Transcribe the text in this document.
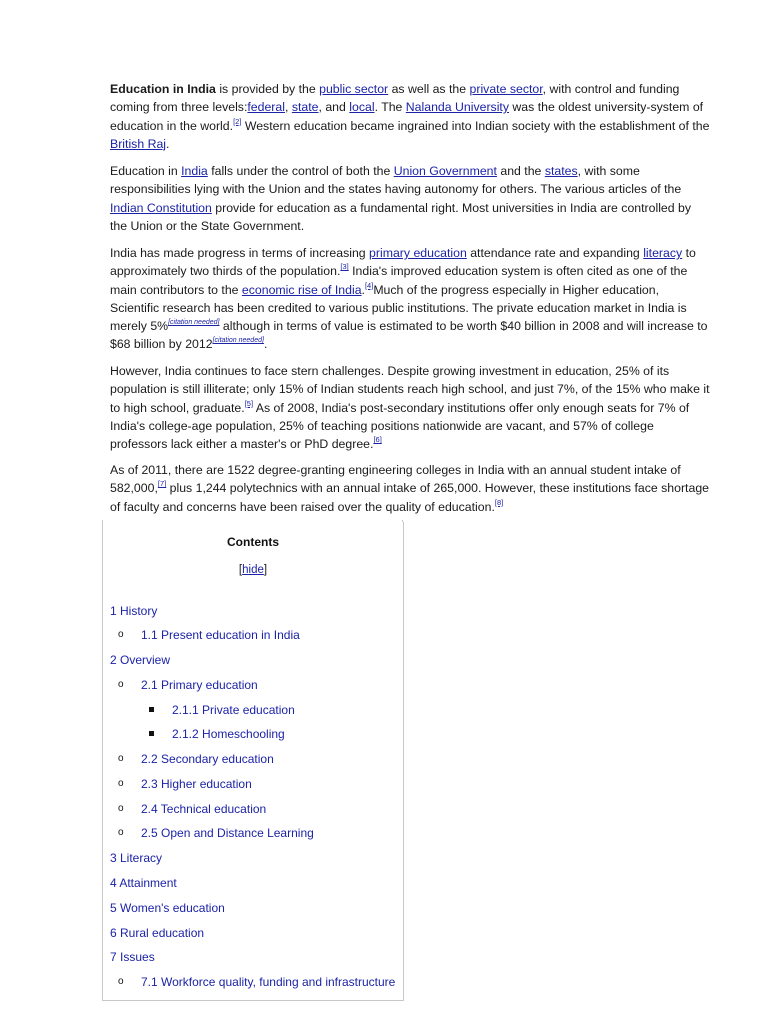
Education in India is provided by the public sector as well as the private sector, with control and funding coming from three levels:federal, state, and local. The Nalanda University was the oldest university-system of education in the world.[2] Western education became ingrained into Indian society with the establishment of the British Raj.

Education in India falls under the control of both the Union Government and the states, with some responsibilities lying with the Union and the states having autonomy for others. The various articles of the Indian Constitution provide for education as a fundamental right. Most universities in India are controlled by the Union or the State Government.

India has made progress in terms of increasing primary education attendance rate and expanding literacy to approximately two thirds of the population.[3] India's improved education system is often cited as one of the main contributors to the economic rise of India.[4]Much of the progress especially in Higher education, Scientific research has been credited to various public institutions. The private education market in India is merely 5%[citation needed] although in terms of value is estimated to be worth $40 billion in 2008 and will increase to $68 billion by 2012[citation needed].

However, India continues to face stern challenges. Despite growing investment in education, 25% of its population is still illiterate; only 15% of Indian students reach high school, and just 7%, of the 15% who make it to high school, graduate.[5] As of 2008, India's post-secondary institutions offer only enough seats for 7% of India's college-age population, 25% of teaching positions nationwide are vacant, and 57% of college professors lack either a master's or PhD degree.[6]

As of 2011, there are 1522 degree-granting engineering colleges in India with an annual student intake of 582,000,[7] plus 1,244 polytechnics with an annual intake of 265,000. However, these institutions face shortage of faculty and concerns have been raised over the quality of education.[8]

Contents
[hide]
1 History
o 1.1 Present education in India
2 Overview
o 2.1 Primary education
2.1.1 Private education
2.1.2 Homeschooling
o 2.2 Secondary education
o 2.3 Higher education
o 2.4 Technical education
o 2.5 Open and Distance Learning
3 Literacy
4 Attainment
5 Women's education
6 Rural education
7 Issues
o 7.1 Workforce quality, funding and infrastructure
